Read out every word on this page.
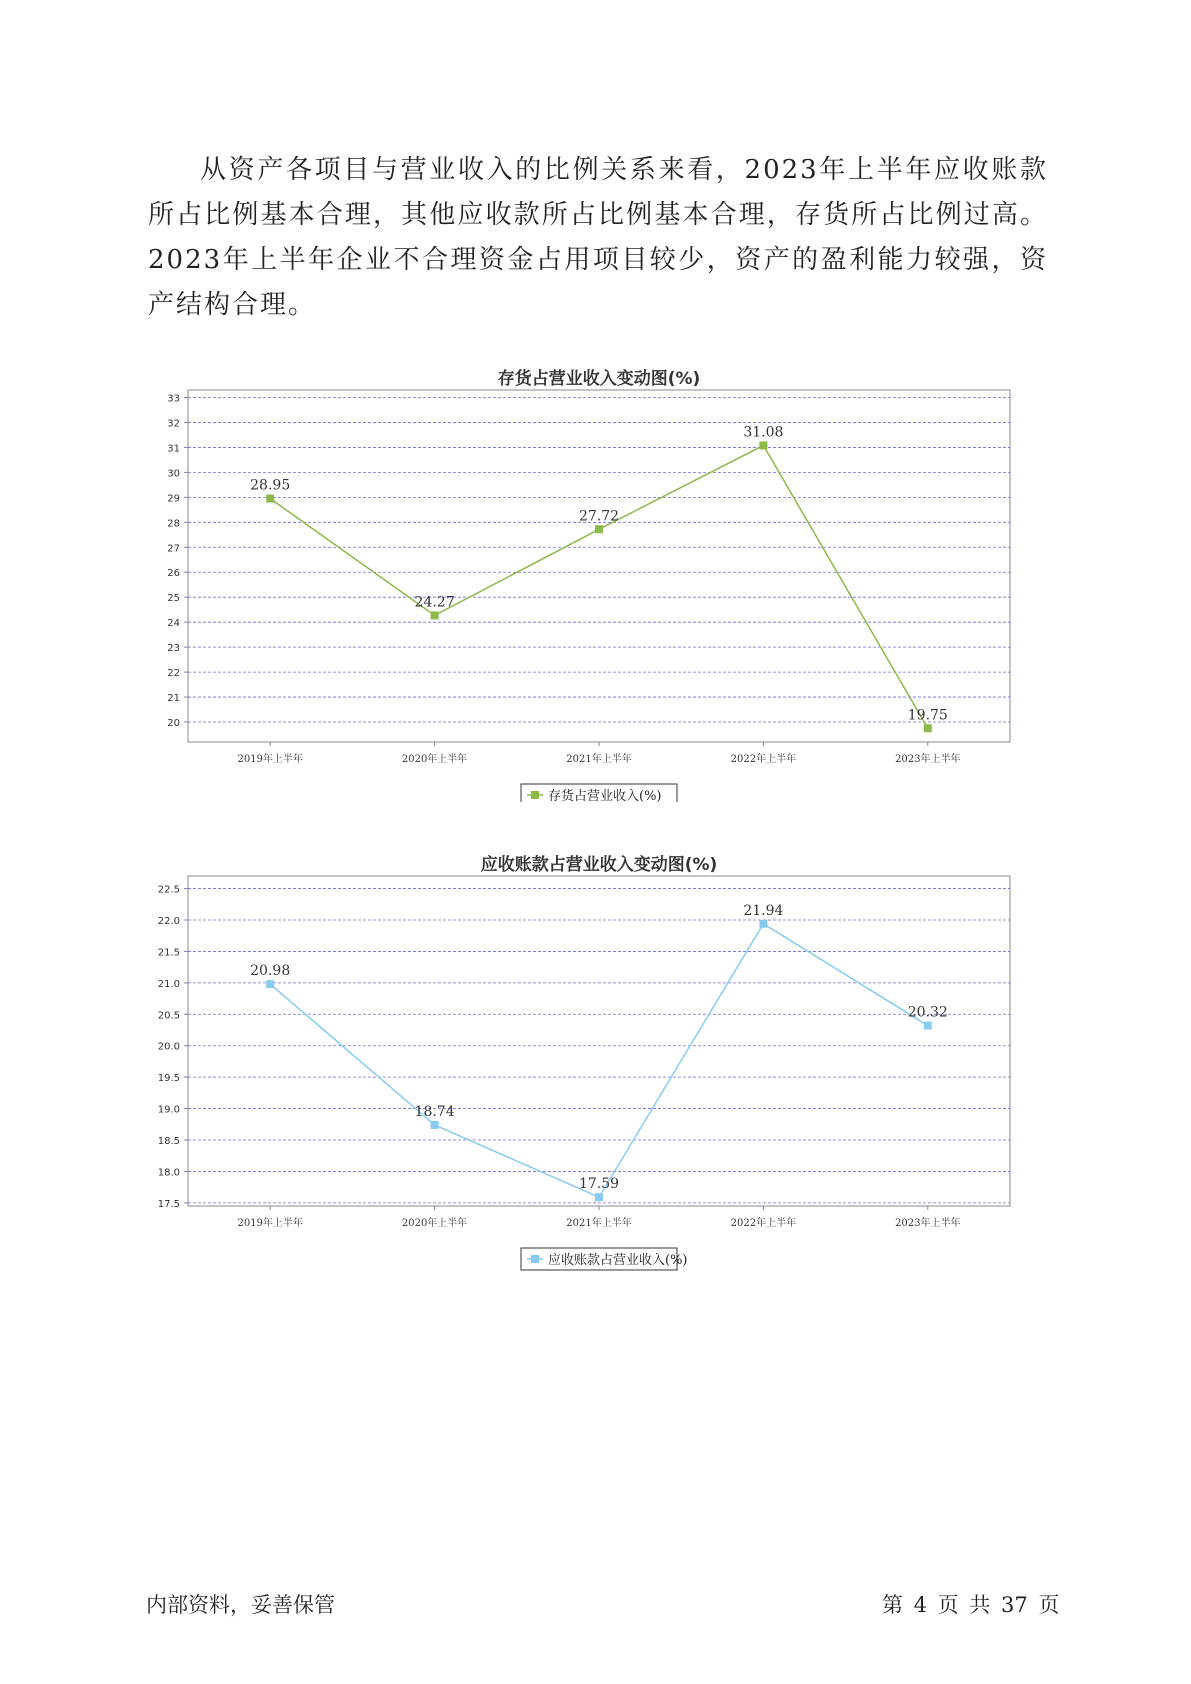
从资产各项目与营业收入的比例关系来看，2023年上半年应收账款所占比例基本合理，其他应收款所占比例基本合理，存货所占比例过高。2023年上半年企业不合理资金占用项目较少，资产的盈利能力较强，资产结构合理。

存货占营业收入变动图(%)
20
21
22
23
24
25
26
27
28
29
30
31
32
33
2019年上半年	2020年上半年	2021年上半年	2022年上半年	2023年上半年
28.95
24.27
27.72
31.08
19.75
存货占营业收入(%)
应收账款占营业收入变动图(%)
17.5
18.0
18.5
19.0
19.5
20.0
20.5
21.0
21.5
22.0
22.5
2019年上半年	2020年上半年	2021年上半年	2022年上半年	2023年上半年
20.98
18.74
17.59
21.94
20.32
应收账款占营业收入(%)
内部资料，妥善保管	第 4 页 共 37 页
